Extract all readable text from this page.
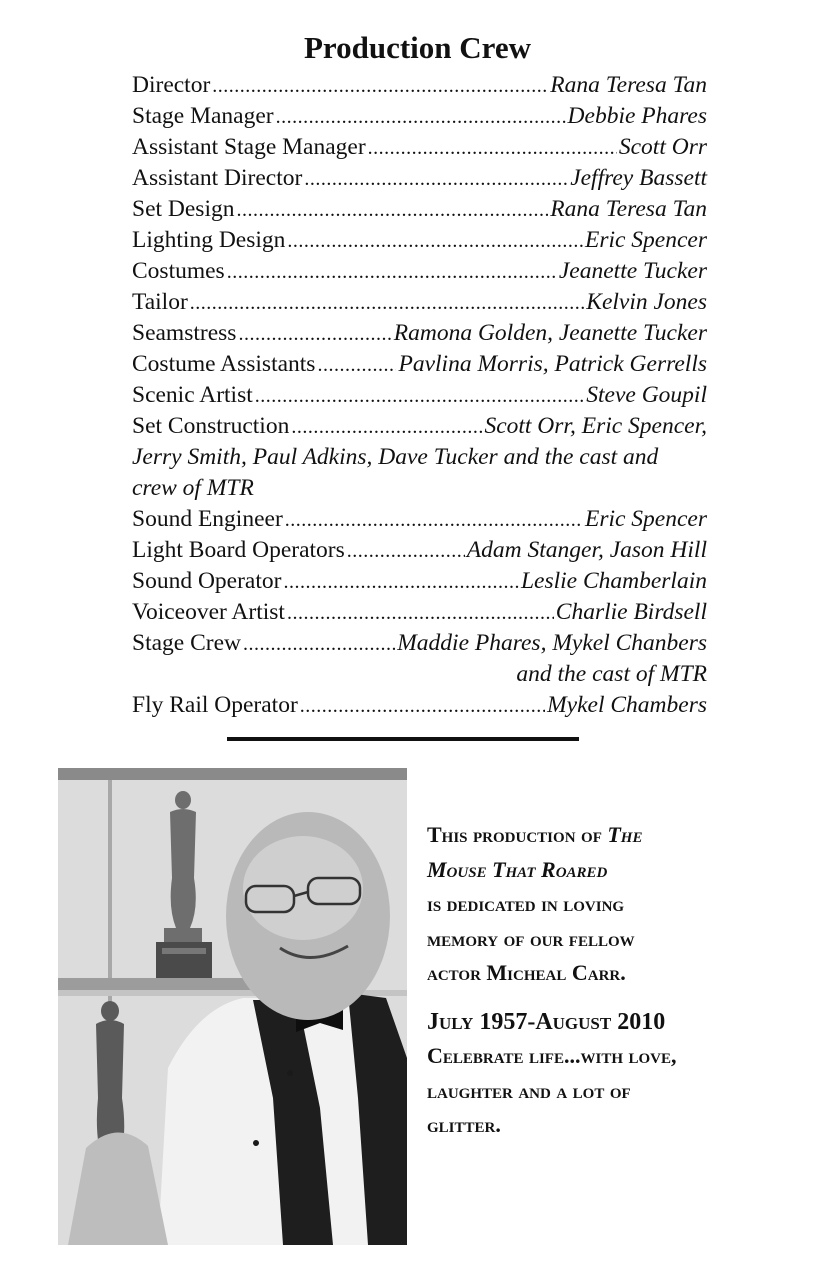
Production Crew
Director .....	Rana Teresa Tan
Stage Manager .....	Debbie Phares
Assistant Stage Manager .....	Scott Orr
Assistant Director .....	Jeffrey Bassett
Set Design .....	Rana Teresa Tan
Lighting Design .....	Eric Spencer
Costumes .....	Jeanette Tucker
Tailor .....	Kelvin Jones
Seamstress .....	Ramona Golden, Jeanette Tucker
Costume Assistants .....	Pavlina Morris, Patrick Gerrells
Scenic Artist .....	Steve Goupil
Set Construction .....	Scott Orr, Eric Spencer,
Jerry Smith, Paul Adkins, Dave Tucker and the cast and
crew of MTR
Sound Engineer .....	Eric Spencer
Light Board Operators .....	Adam Stanger, Jason Hill
Sound Operator .....	Leslie Chamberlain
Voiceover Artist .....	Charlie Birdsell
Stage Crew .....	Maddie Phares, Mykel Chanbers
and the cast of MTR
Fly Rail Operator .....	Mykel Chambers
This production of The
Mouse That Roared
is dedicated in loving
memory of our fellow
actor Micheal Carr.
July 1957-August 2010
Celebrate life...with love,
laughter and a lot of
glitter.
